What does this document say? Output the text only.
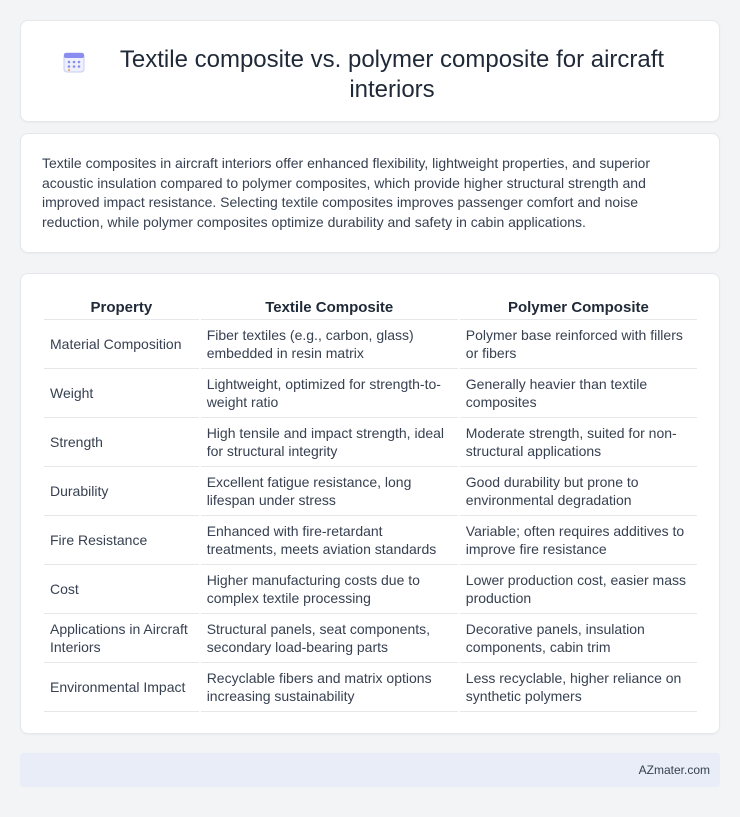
Textile composite vs. polymer composite for aircraft interiors

Textile composites in aircraft interiors offer enhanced flexibility, lightweight properties, and superior acoustic insulation compared to polymer composites, which provide higher structural strength and improved impact resistance. Selecting textile composites improves passenger comfort and noise reduction, while polymer composites optimize durability and safety in cabin applications.

Property	Textile Composite	Polymer Composite
Material Composition	Fiber textiles (e.g., carbon, glass) embedded in resin matrix	Polymer base reinforced with fillers or fibers
Weight	Lightweight, optimized for strength-to-weight ratio	Generally heavier than textile composites
Strength	High tensile and impact strength, ideal for structural integrity	Moderate strength, suited for non-structural applications
Durability	Excellent fatigue resistance, long lifespan under stress	Good durability but prone to environmental degradation
Fire Resistance	Enhanced with fire-retardant treatments, meets aviation standards	Variable; often requires additives to improve fire resistance
Cost	Higher manufacturing costs due to complex textile processing	Lower production cost, easier mass production
Applications in Aircraft Interiors	Structural panels, seat components, secondary load-bearing parts	Decorative panels, insulation components, cabin trim
Environmental Impact	Recyclable fibers and matrix options increasing sustainability	Less recyclable, higher reliance on synthetic polymers
AZmater.com
